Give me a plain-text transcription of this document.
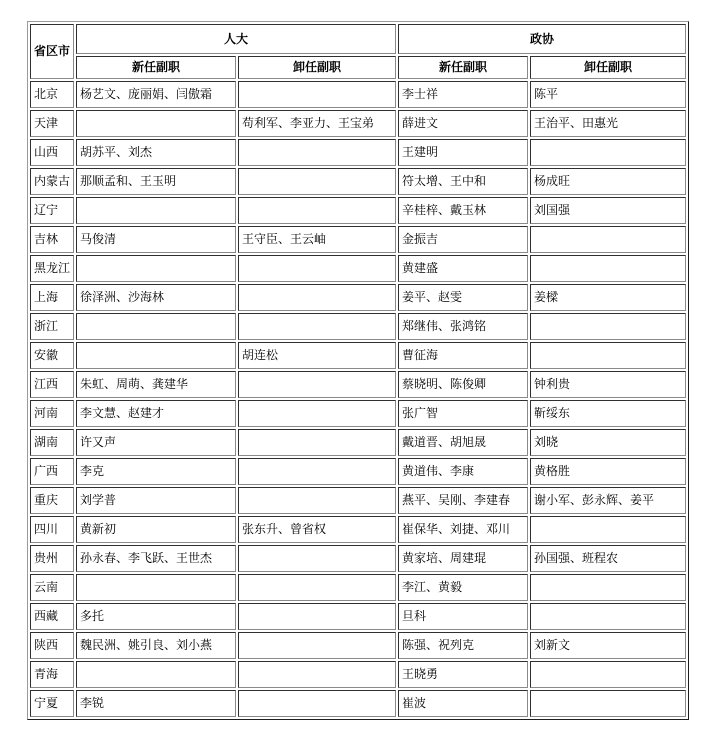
省区市	人大		政协	
	新任副职	卸任副职	新任副职	卸任副职
北京	杨艺文、庞丽娟、闫傲霜		李士祥	陈平
天津		苟利军、李亚力、王宝弟	薛进文	王治平、田惠光
山西	胡苏平、刘杰		王建明	
内蒙古	那顺孟和、王玉明		符太增、王中和	杨成旺
辽宁			辛桂梓、戴玉林	刘国强
吉林	马俊清	王守臣、王云岫	金振吉	
黑龙江			黄建盛	
上海	徐泽洲、沙海林		姜平、赵雯	姜樑
浙江			郑继伟、张鸿铭	
安徽		胡连松	曹征海	
江西	朱虹、周萌、龚建华		蔡晓明、陈俊卿	钟利贵
河南	李文慧、赵建才		张广智	靳绥东
湖南	许又声		戴道晋、胡旭晟	刘晓
广西	李克		黄道伟、李康	黄格胜
重庆	刘学普		燕平、吴刚、李建春	谢小军、彭永辉、姜平
四川	黄新初	张东升、曾省权	崔保华、刘捷、邓川	
贵州	孙永春、李飞跃、王世杰		黄家培、周建琨	孙国强、班程农
云南			李江、黄毅	
西藏	多托		旦科	
陕西	魏民洲、姚引良、刘小燕		陈强、祝列克	刘新文
青海			王晓勇	
宁夏	李锐		崔波	
